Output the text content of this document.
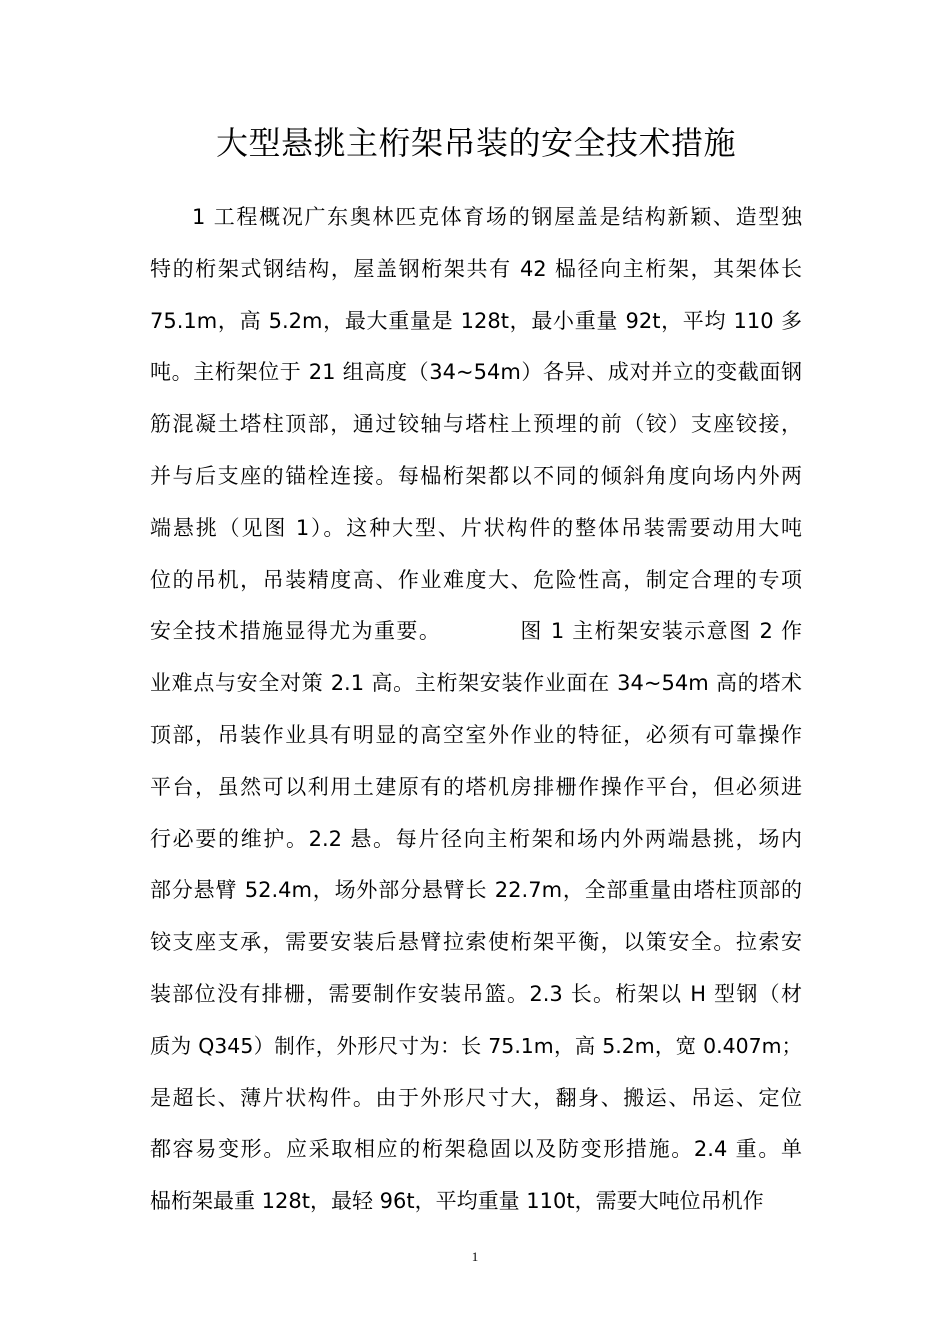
大型悬挑主桁架吊装的安全技术措施
1 工程概况广东奥林匹克体育场的钢屋盖是结构新颖、造型独
特的桁架式钢结构，屋盖钢桁架共有 42 榀径向主桁架，其架体长
75.1m，高 5.2m，最大重量是 128t，最小重量 92t，平均 110 多
吨。主桁架位于 21 组高度（34~54m）各异、成对并立的变截面钢
筋混凝土塔柱顶部，通过铰轴与塔柱上预埋的前（铰）支座铰接，
并与后支座的锚栓连接。每榀桁架都以不同的倾斜角度向场内外两
端悬挑（见图 1）。这种大型、片状构件的整体吊装需要动用大吨
位的吊机，吊装精度高、作业难度大、危险性高，制定合理的专项
安全技术措施显得尤为重要。　　　　图 1 主桁架安装示意图 2 作
业难点与安全对策 2.1 高。主桁架安装作业面在 34~54m 高的塔术
顶部，吊装作业具有明显的高空室外作业的特征，必须有可靠操作
平台，虽然可以利用土建原有的塔机房排栅作操作平台，但必须进
行必要的维护。2.2 悬。每片径向主桁架和场内外两端悬挑，场内
部分悬臂 52.4m，场外部分悬臂长 22.7m，全部重量由塔柱顶部的
铰支座支承，需要安装后悬臂拉索使桁架平衡，以策安全。拉索安
装部位没有排栅，需要制作安装吊篮。2.3 长。桁架以 H 型钢（材
质为 Q345）制作，外形尺寸为：长 75.1m，高 5.2m，宽 0.407m；
是超长、薄片状构件。由于外形尺寸大，翻身、搬运、吊运、定位
都容易变形。应采取相应的桁架稳固以及防变形措施。2.4 重。单
榀桁架最重 128t，最轻 96t，平均重量 110t，需要大吨位吊机作
1
